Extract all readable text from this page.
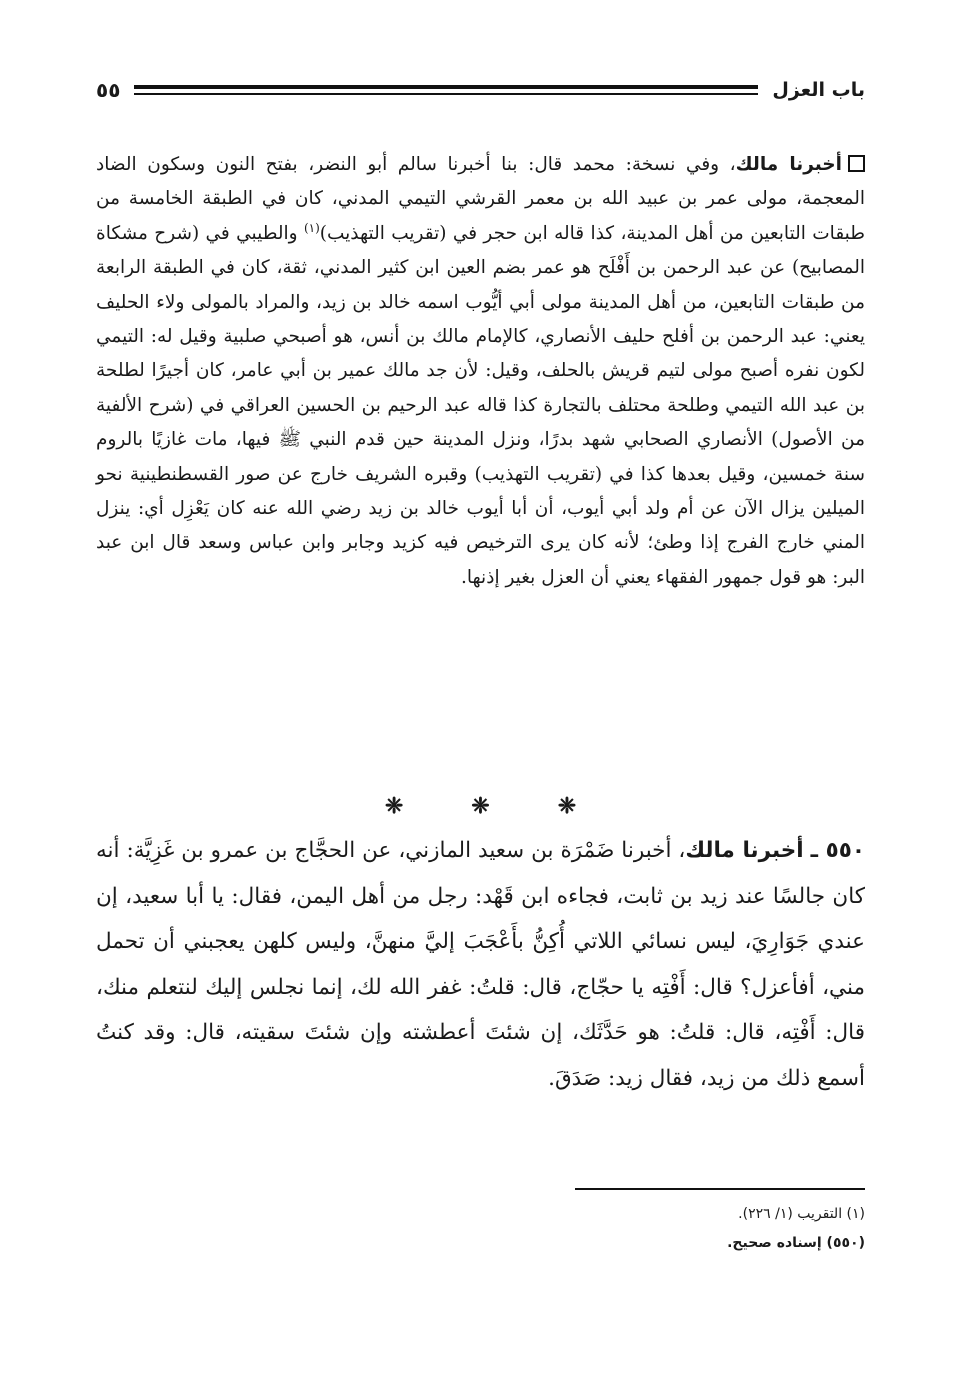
باب العزل
٥٥

أخبرنا مالك، وفي نسخة: محمد قال: بنا أخبرنا سالم أبو النضر، بفتح النون وسكون الضاد المعجمة، مولى عمر بن عبيد الله بن معمر القرشي التيمي المدني، كان في الطبقة الخامسة من طبقات التابعين من أهل المدينة، كذا قاله ابن حجر في (تقريب التهذيب)$^{(١)}$ والطيبي في (شرح مشكاة المصابيح) عن عبد الرحمن بن أَفْلَح هو عمر بضم العين ابن كثير المدني، ثقة، كان في الطبقة الرابعة من طبقات التابعين، من أهل المدينة مولى أبي أيُّوب اسمه خالد بن زيد، والمراد بالمولى ولاء الحليف يعني: عبد الرحمن بن أفلح حليف الأنصاري، كالإمام مالك بن أنس، هو أصبحي صلبية وقيل له: التيمي لكون نفره أصبح مولى لتيم قريش بالحلف، وقيل: لأن جد مالك عمير بن أبي عامر، كان أجيرًا لطلحة بن عبد الله التيمي وطلحة محتلف بالتجارة كذا قاله عبد الرحيم بن الحسين العراقي في (شرح الألفية من الأصول) الأنصاري الصحابي شهد بدرًا، ونزل المدينة حين قدم النبي ﷺ فيها، مات غازيًا بالروم سنة خمسين، وقيل بعدها كذا في (تقريب التهذيب) وقبره الشريف خارج عن صور القسطنطينية نحو الميلين يزال الآن عن أم ولد أبي أيوب، أن أبا أيوب خالد بن زيد رضي الله عنه كان يَعْزِل أي: ينزل المني خارج الفرج إذا وطئ؛ لأنه كان يرى الترخيص فيه كزيد وجابر وابن عباس وسعد قال ابن عبد البر: هو قول جمهور الفقهاء يعني أن العزل بغير إذنها.

❈
❈
❈

٥٥٠ ـ أخبرنا مالك، أخبرنا ضَمْرَة بن سعيد المازني، عن الحجَّاج بن عمرو بن غَزِيَّة: أنه كان جالسًا عند زيد بن ثابت، فجاءه ابن قَهْد: رجل من أهل اليمن، فقال: يا أبا سعيد، إن عندي جَوَارِيَ، ليس نسائي اللاتي أُكِنُّ بأَعْجَبَ إليَّ منهنَّ، وليس كلهن يعجبني أن تحمل مني، أفأعزل؟ قال: أَفْتِه يا حجّاج، قال: قلتُ: غفر الله لك، إنما نجلس إليك لنتعلم منك، قال: أَفْتِه، قال: قلتُ: هو حَدَّثَك، إن شئتَ أعطشته وإن شئتَ سقيته، قال: وقد كنتُ أسمع ذلك من زيد، فقال زيد: صَدَقَ.

(١) التقريب (١/ ٢٢٦).
(٥٥٠) إسناده صحيح.
